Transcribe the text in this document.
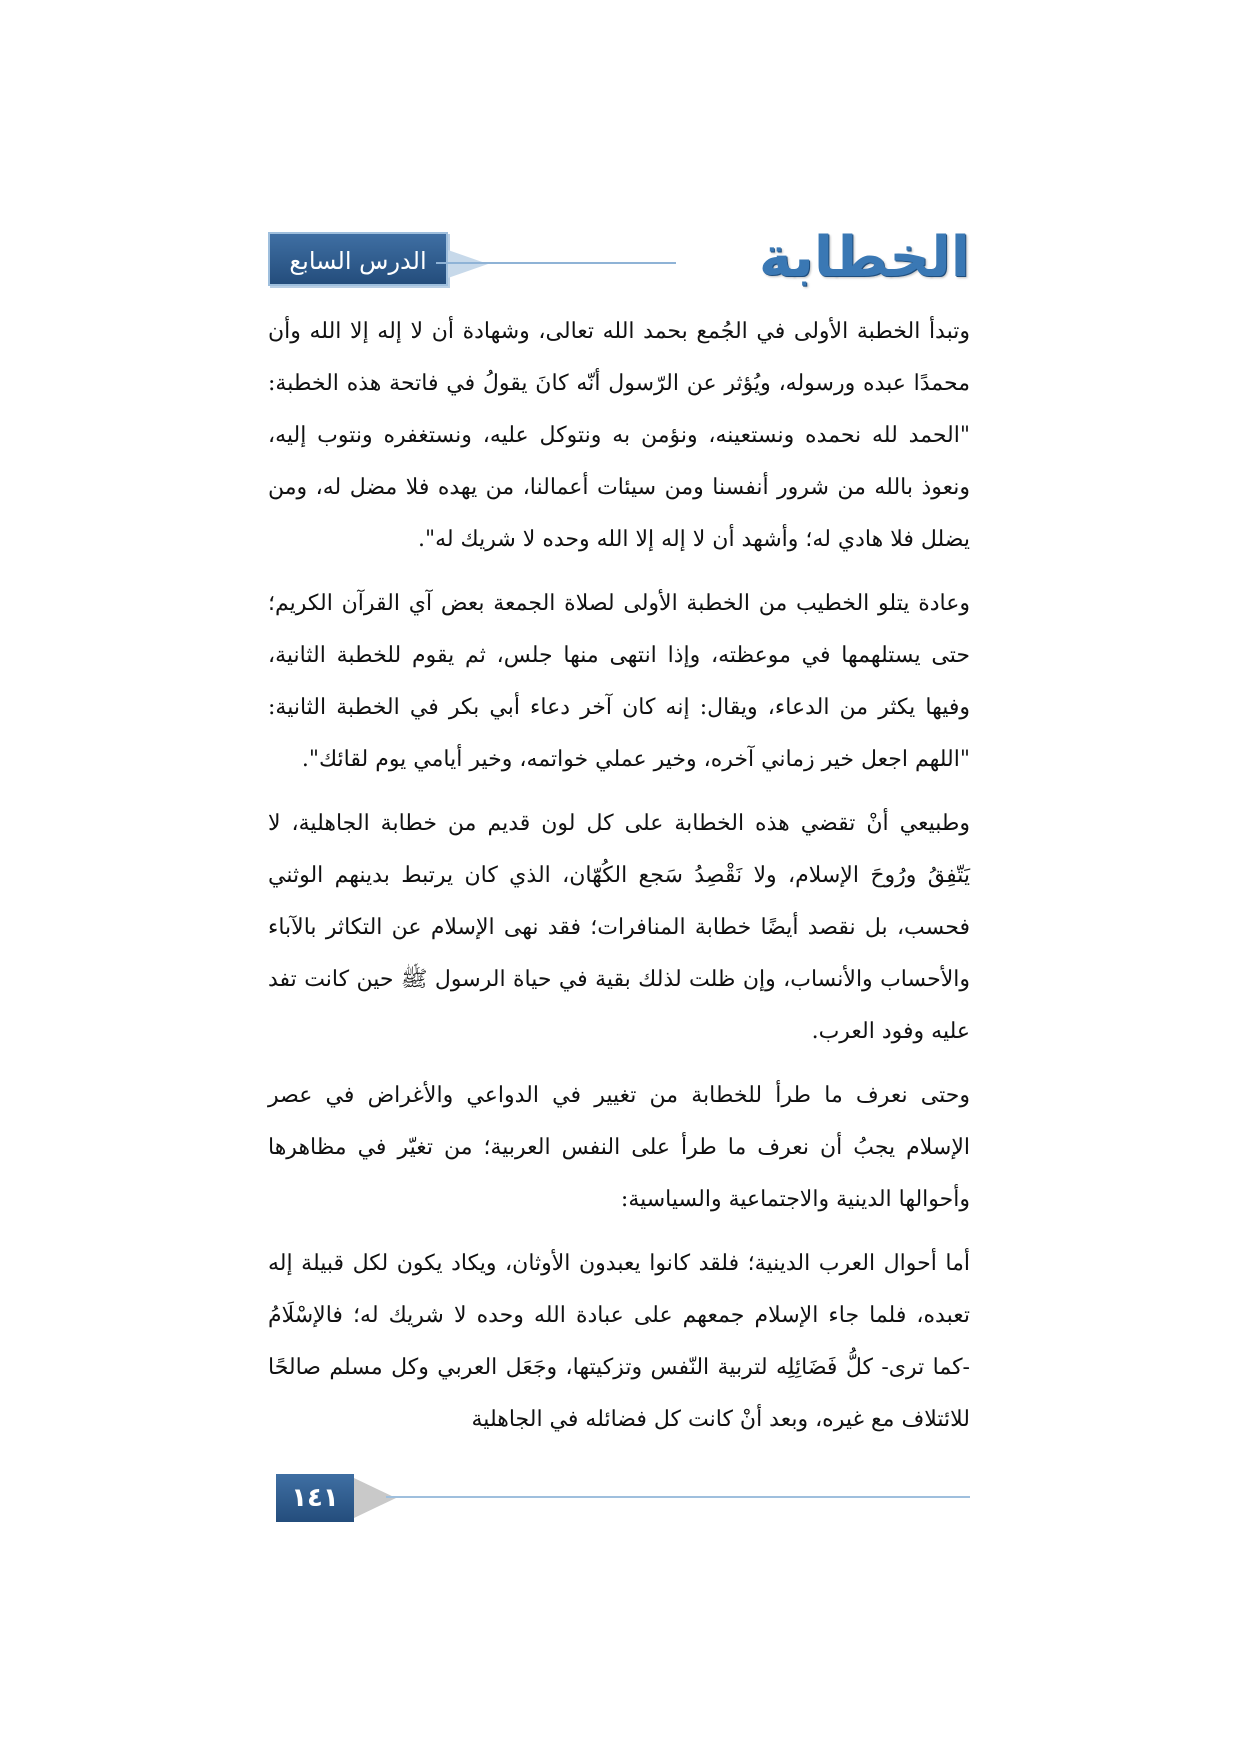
الدرس السابع	الخطابة

وتبدأ الخطبة الأولى في الجُمع بحمد الله تعالى، وشهادة أن لا إله إلا الله وأن محمدًا عبده ورسوله، ويُؤثر عن الرّسول أنّه كانَ يقولُ في فاتحة هذه الخطبة: "الحمد لله نحمده ونستعينه، ونؤمن به ونتوكل عليه، ونستغفره ونتوب إليه، ونعوذ بالله من شرور أنفسنا ومن سيئات أعمالنا، من يهده فلا مضل له، ومن يضلل فلا هادي له؛ وأشهد أن لا إله إلا الله وحده لا شريك له".

وعادة يتلو الخطيب من الخطبة الأولى لصلاة الجمعة بعض آي القرآن الكريم؛ حتى يستلهمها في موعظته، وإذا انتهى منها جلس، ثم يقوم للخطبة الثانية، وفيها يكثر من الدعاء، ويقال: إنه كان آخر دعاء أبي بكر في الخطبة الثانية: "اللهم اجعل خير زماني آخره، وخير عملي خواتمه، وخير أيامي يوم لقائك".

وطبيعي أنْ تقضي هذه الخطابة على كل لون قديم من خطابة الجاهلية، لا يَتّفِقُ ورُوحَ الإسلام، ولا نَقْصِدُ سَجع الكُهّان، الذي كان يرتبط بدينهم الوثني فحسب، بل نقصد أيضًا خطابة المنافرات؛ فقد نهى الإسلام عن التكاثر بالآباء والأحساب والأنساب، وإن ظلت لذلك بقية في حياة الرسول ﷺ حين كانت تفد عليه وفود العرب.

وحتى نعرف ما طرأ للخطابة من تغيير في الدواعي والأغراض في عصر الإسلام يجبُ أن نعرف ما طرأ على النفس العربية؛ من تغيّر في مظاهرها وأحوالها الدينية والاجتماعية والسياسية:

أما أحوال العرب الدينية؛ فلقد كانوا يعبدون الأوثان، ويكاد يكون لكل قبيلة إله تعبده، فلما جاء الإسلام جمعهم على عبادة الله وحده لا شريك له؛ فالإسْلَامُ -كما ترى- كلُّ فَضَائِلِه لتربية النّفس وتزكيتها، وجَعَل العربي وكل مسلم صالحًا للائتلاف مع غيره، وبعد أنْ كانت كل فضائله في الجاهلية

١٤١
